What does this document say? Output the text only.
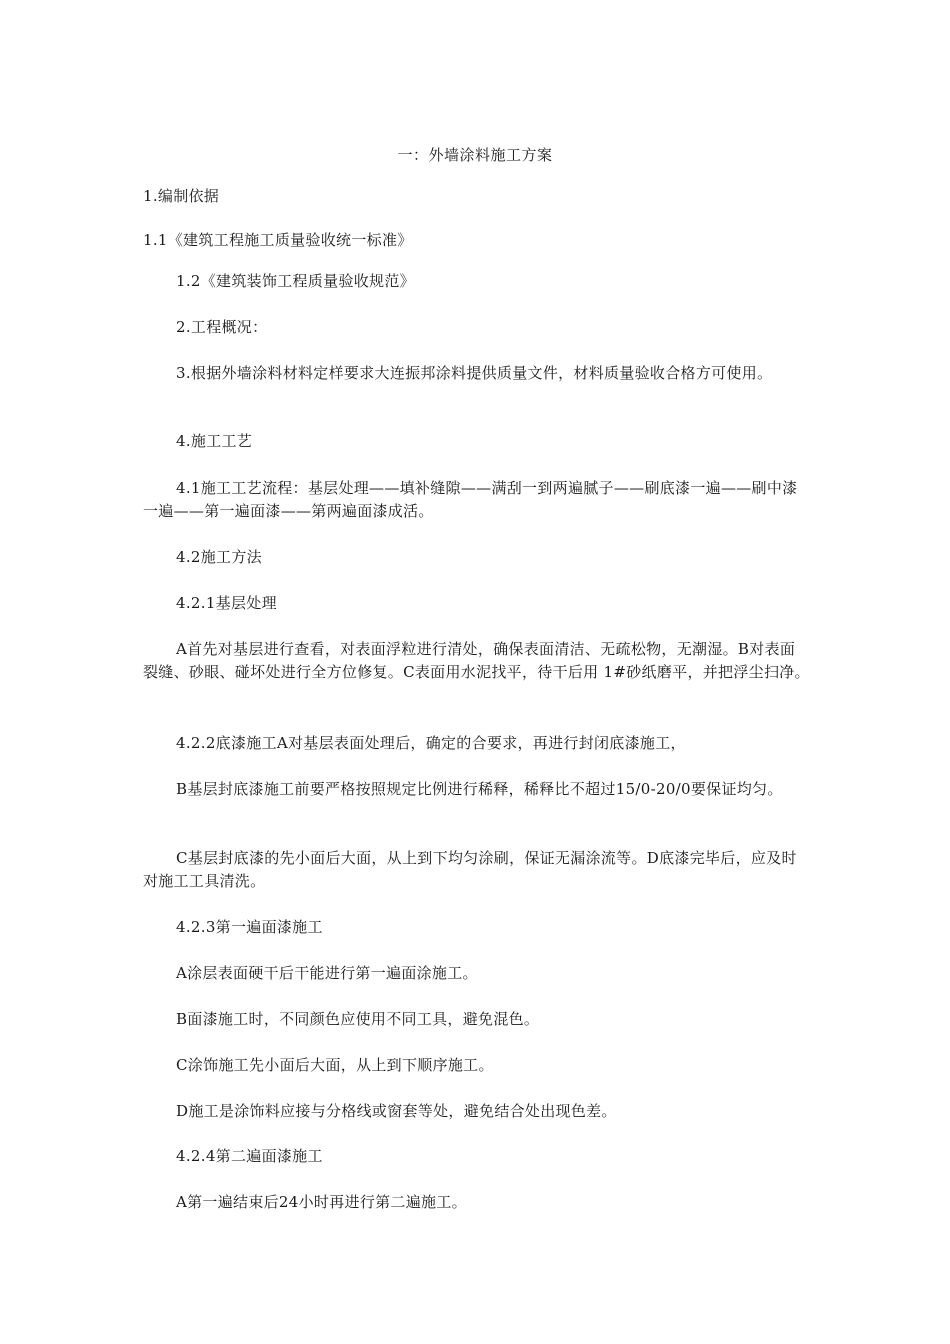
一：外墙涂料施工方案

1.编制依据

1.1《建筑工程施工质量验收统一标准》

1.2《建筑装饰工程质量验收规范》

2.工程概况：

3.根据外墙涂料材料定样要求大连振邦涂料提供质量文件，材料质量验收合格方可使用。

4.施工工艺

4.1施工工艺流程：基层处理——填补缝隙——满刮一到两遍腻子——刷底漆一遍——刷中漆一遍——第一遍面漆——第两遍面漆成活。

4.2施工方法

4.2.1基层处理

A首先对基层进行查看，对表面浮粒进行清处，确保表面清洁、无疏松物，无潮湿。B对表面裂缝、砂眼、碰坏处进行全方位修复。C表面用水泥找平，待干后用 1#砂纸磨平，并把浮尘扫净。

4.2.2底漆施工A对基层表面处理后，确定的合要求，再进行封闭底漆施工，

B基层封底漆施工前要严格按照规定比例进行稀释，稀释比不超过15/0-20/0要保证均匀。

C基层封底漆的先小面后大面，从上到下均匀涂刷，保证无漏涂流等。D底漆完毕后，应及时对施工工具清洗。

4.2.3第一遍面漆施工

A涂层表面硬干后干能进行第一遍面涂施工。

B面漆施工时，不同颜色应使用不同工具，避免混色。

C涂饰施工先小面后大面，从上到下顺序施工。

D施工是涂饰料应接与分格线或窗套等处，避免结合处出现色差。

4.2.4第二遍面漆施工

A第一遍结束后24小时再进行第二遍施工。
